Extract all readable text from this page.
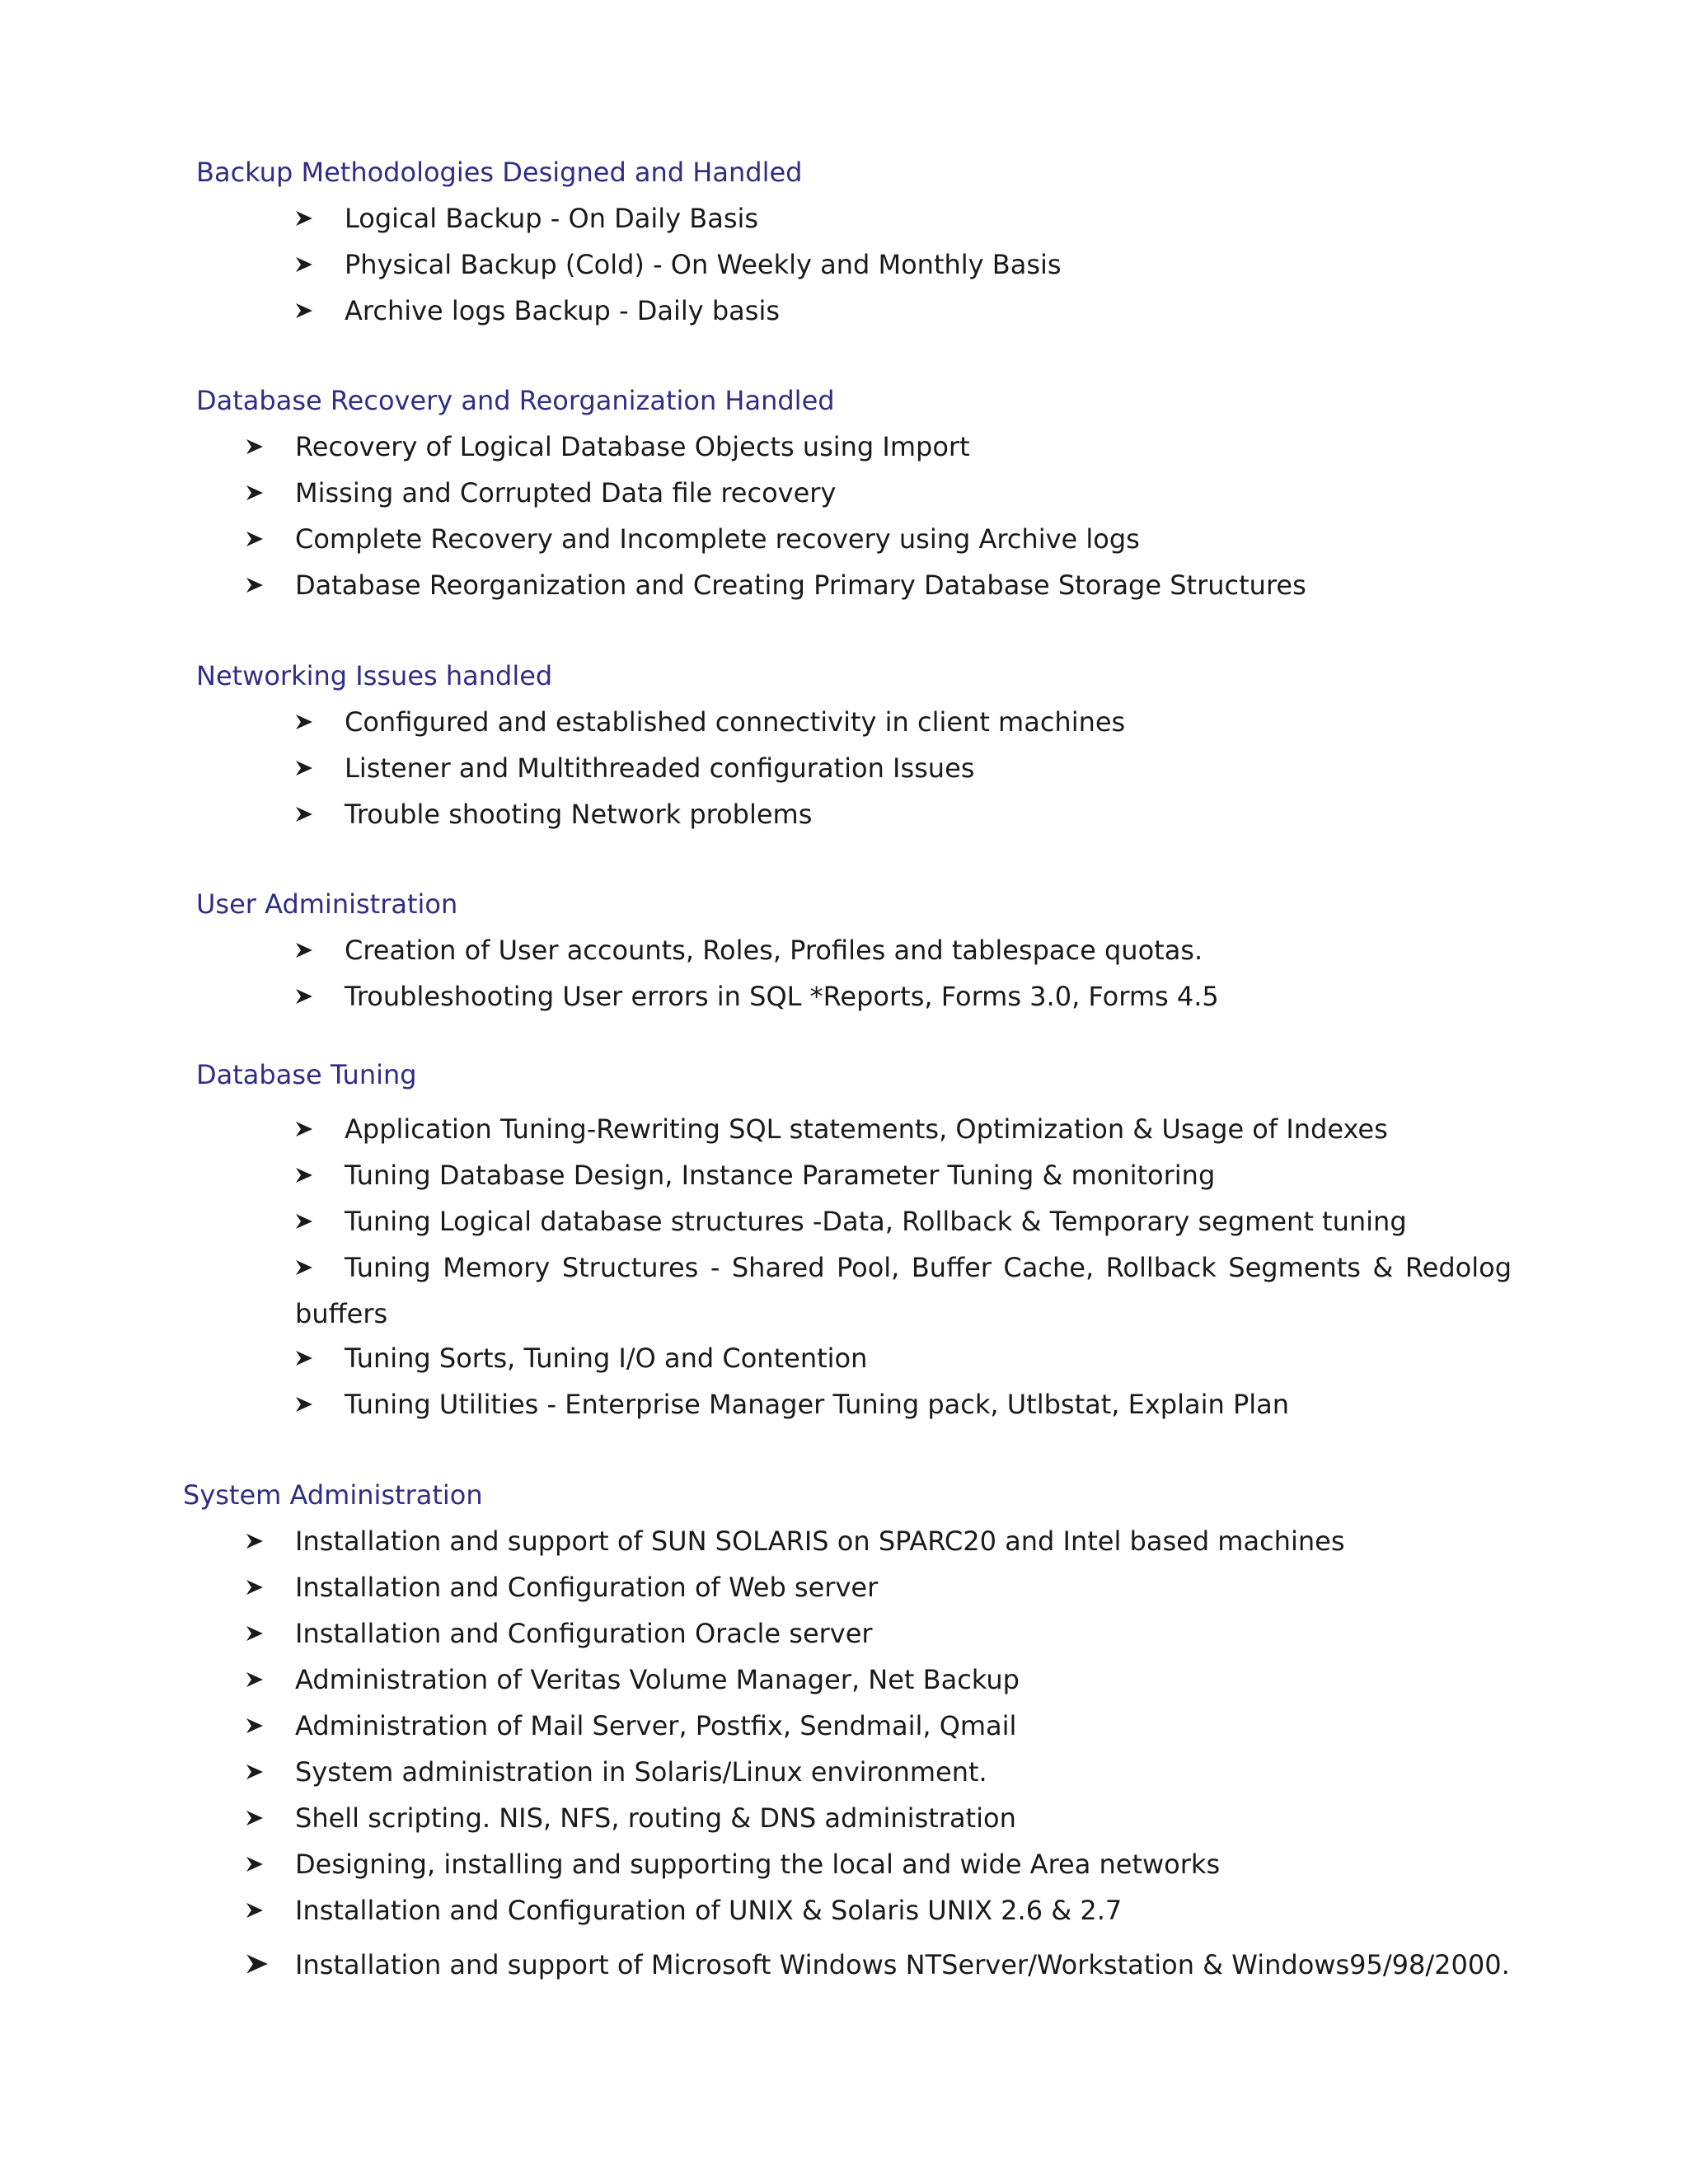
Backup Methodologies Designed and Handled
Logical Backup - On Daily Basis
Physical Backup (Cold) - On Weekly and Monthly Basis
Archive logs Backup - Daily basis
Database Recovery and Reorganization Handled
Recovery of Logical Database Objects using Import
Missing and Corrupted Data file recovery
Complete Recovery and Incomplete recovery using Archive logs
Database Reorganization and Creating Primary Database Storage Structures
Networking Issues handled
Configured and established connectivity in client machines
Listener and Multithreaded configuration Issues
Trouble shooting Network problems
User Administration
Creation of User accounts, Roles, Profiles and tablespace quotas.
Troubleshooting User errors in SQL *Reports, Forms 3.0, Forms 4.5
Database Tuning
Application Tuning-Rewriting SQL statements, Optimization & Usage of Indexes
Tuning Database Design, Instance Parameter Tuning & monitoring
Tuning Logical database structures -Data, Rollback & Temporary segment tuning
Tuning Memory Structures - Shared Pool, Buffer Cache, Rollback Segments & Redolog
buffers
Tuning Sorts, Tuning I/O and Contention
Tuning Utilities - Enterprise Manager Tuning pack, Utlbstat, Explain Plan
System Administration
Installation and support of SUN SOLARIS on SPARC20 and Intel based machines
Installation and Configuration of Web server
Installation and Configuration Oracle server
Administration of Veritas Volume Manager, Net Backup
Administration of Mail Server, Postfix, Sendmail, Qmail
System administration in Solaris/Linux environment.
Shell scripting. NIS, NFS, routing & DNS administration
Designing, installing and supporting the local and wide Area networks
Installation and Configuration of UNIX & Solaris UNIX 2.6 & 2.7
Installation and support of Microsoft Windows NTServer/Workstation & Windows95/98/2000.
